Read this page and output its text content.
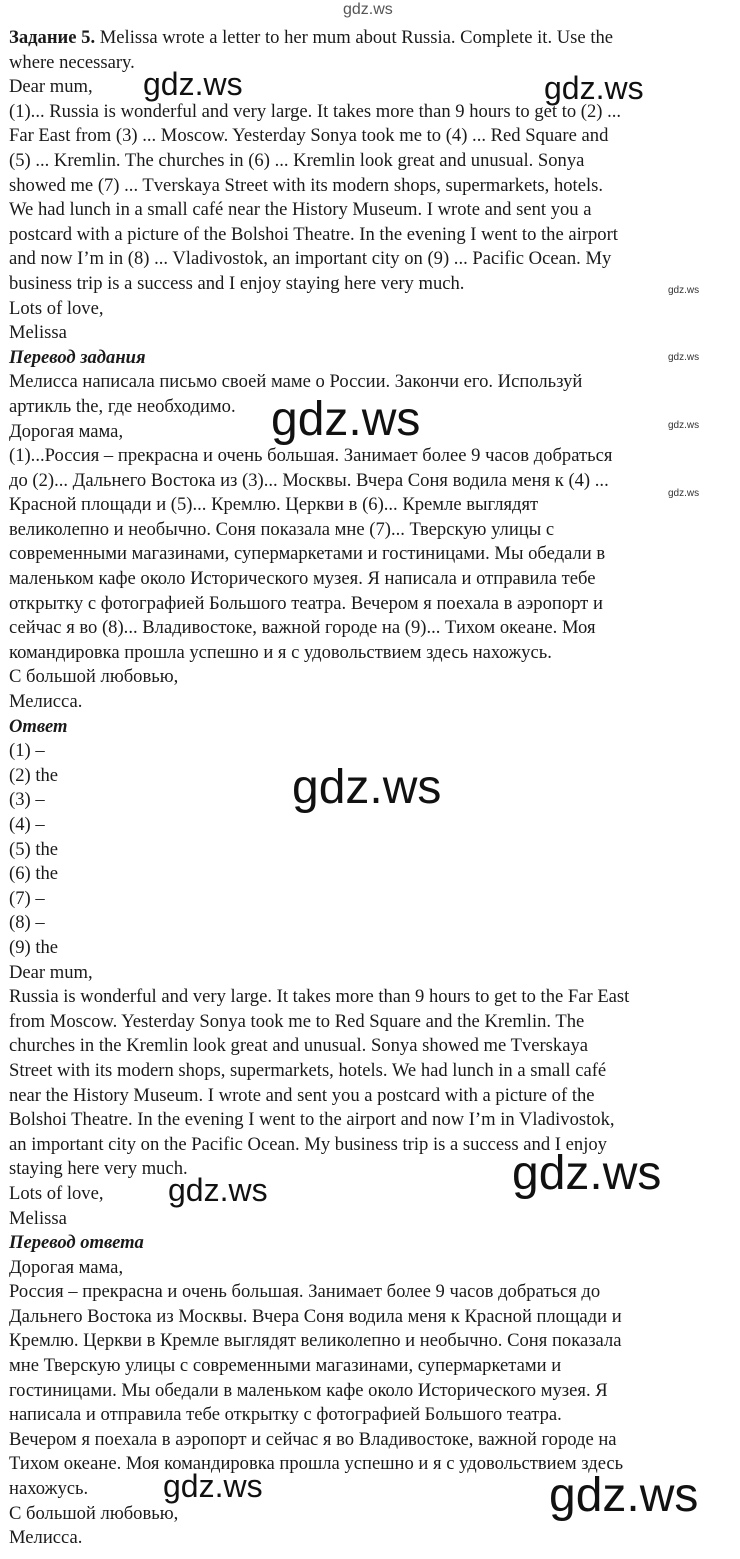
gdz.ws

Задание 5. Melissa wrote a letter to her mum about Russia. Complete it. Use the
where necessary.

Dear mum,

(1)... Russia is wonderful and very large. It takes more than 9 hours to get to (2) ...
Far East from (3) ... Moscow. Yesterday Sonya took me to (4) ... Red Square and
(5) ... Kremlin. The churches in (6) ... Kremlin look great and unusual. Sonya
showed me (7) ... Tverskaya Street with its modern shops, supermarkets, hotels.
We had lunch in a small café near the History Museum. I wrote and sent you a
postcard with a picture of the Bolshoi Theatre. In the evening I went to the airport
and now I’m in (8) ... Vladivostok, an important city on (9) ... Pacific Ocean. My
business trip is a success and I enjoy staying here very much.

Lots of love,

Melissa

Перевод задания

Мелисса написала письмо своей маме о России. Закончи его. Используй
артикль the, где необходимо.

Дорогая мама,

(1)...Россия – прекрасна и очень большая. Занимает более 9 часов добраться
до (2)... Дальнего Востока из (3)... Москвы. Вчера Соня водила меня к (4) ...
Красной площади и (5)... Кремлю. Церкви в (6)... Кремле выглядят
великолепно и необычно. Соня показала мне (7)... Тверскую улицы с
современными магазинами, супермаркетами и гостиницами. Мы обедали в
маленьком кафе около Исторического музея. Я написала и отправила тебе
открытку с фотографией Большого театра. Вечером я поехала в аэропорт и
сейчас я во (8)... Владивостоке, важной городе на (9)... Тихом океане. Моя
командировка прошла успешно и я с удовольствием здесь нахожусь.

С большой любовью,

Мелисса.

Ответ

(1) –

(2) the

(3) –

(4) –

(5) the

(6) the

(7) –

(8) –

(9) the

Dear mum,

Russia is wonderful and very large. It takes more than 9 hours to get to the Far East
from Moscow. Yesterday Sonya took me to Red Square and the Kremlin. The
churches in the Kremlin look great and unusual. Sonya showed me Tverskaya
Street with its modern shops, supermarkets, hotels. We had lunch in a small café
near the History Museum. I wrote and sent you a postcard with a picture of the
Bolshoi Theatre. In the evening I went to the airport and now I’m in Vladivostok,
an important city on the Pacific Ocean. My business trip is a success and I enjoy
staying here very much.

Lots of love,

Melissa

Перевод ответа

Дорогая мама,

Россия – прекрасна и очень большая. Занимает более 9 часов добраться до
Дальнего Востока из Москвы. Вчера Соня водила меня к Красной площади и
Кремлю. Церкви в Кремле выглядят великолепно и необычно. Соня показала
мне Тверскую улицы с современными магазинами, супермаркетами и
гостиницами. Мы обедали в маленьком кафе около Исторического музея. Я
написала и отправила тебе открытку с фотографией Большого театра.
Вечером я поехала в аэропорт и сейчас я во Владивостоке, важной городе на
Тихом океане. Моя командировка прошла успешно и я с удовольствием здесь
нахожусь.

С большой любовью,

Мелисса.

gdz.ws	gdz.ws
gdz.ws
gdz.ws
gdz.ws	gdz.ws
gdz.ws
gdz.ws
gdz.ws
gdz.ws
gdz.ws	gdz.ws
